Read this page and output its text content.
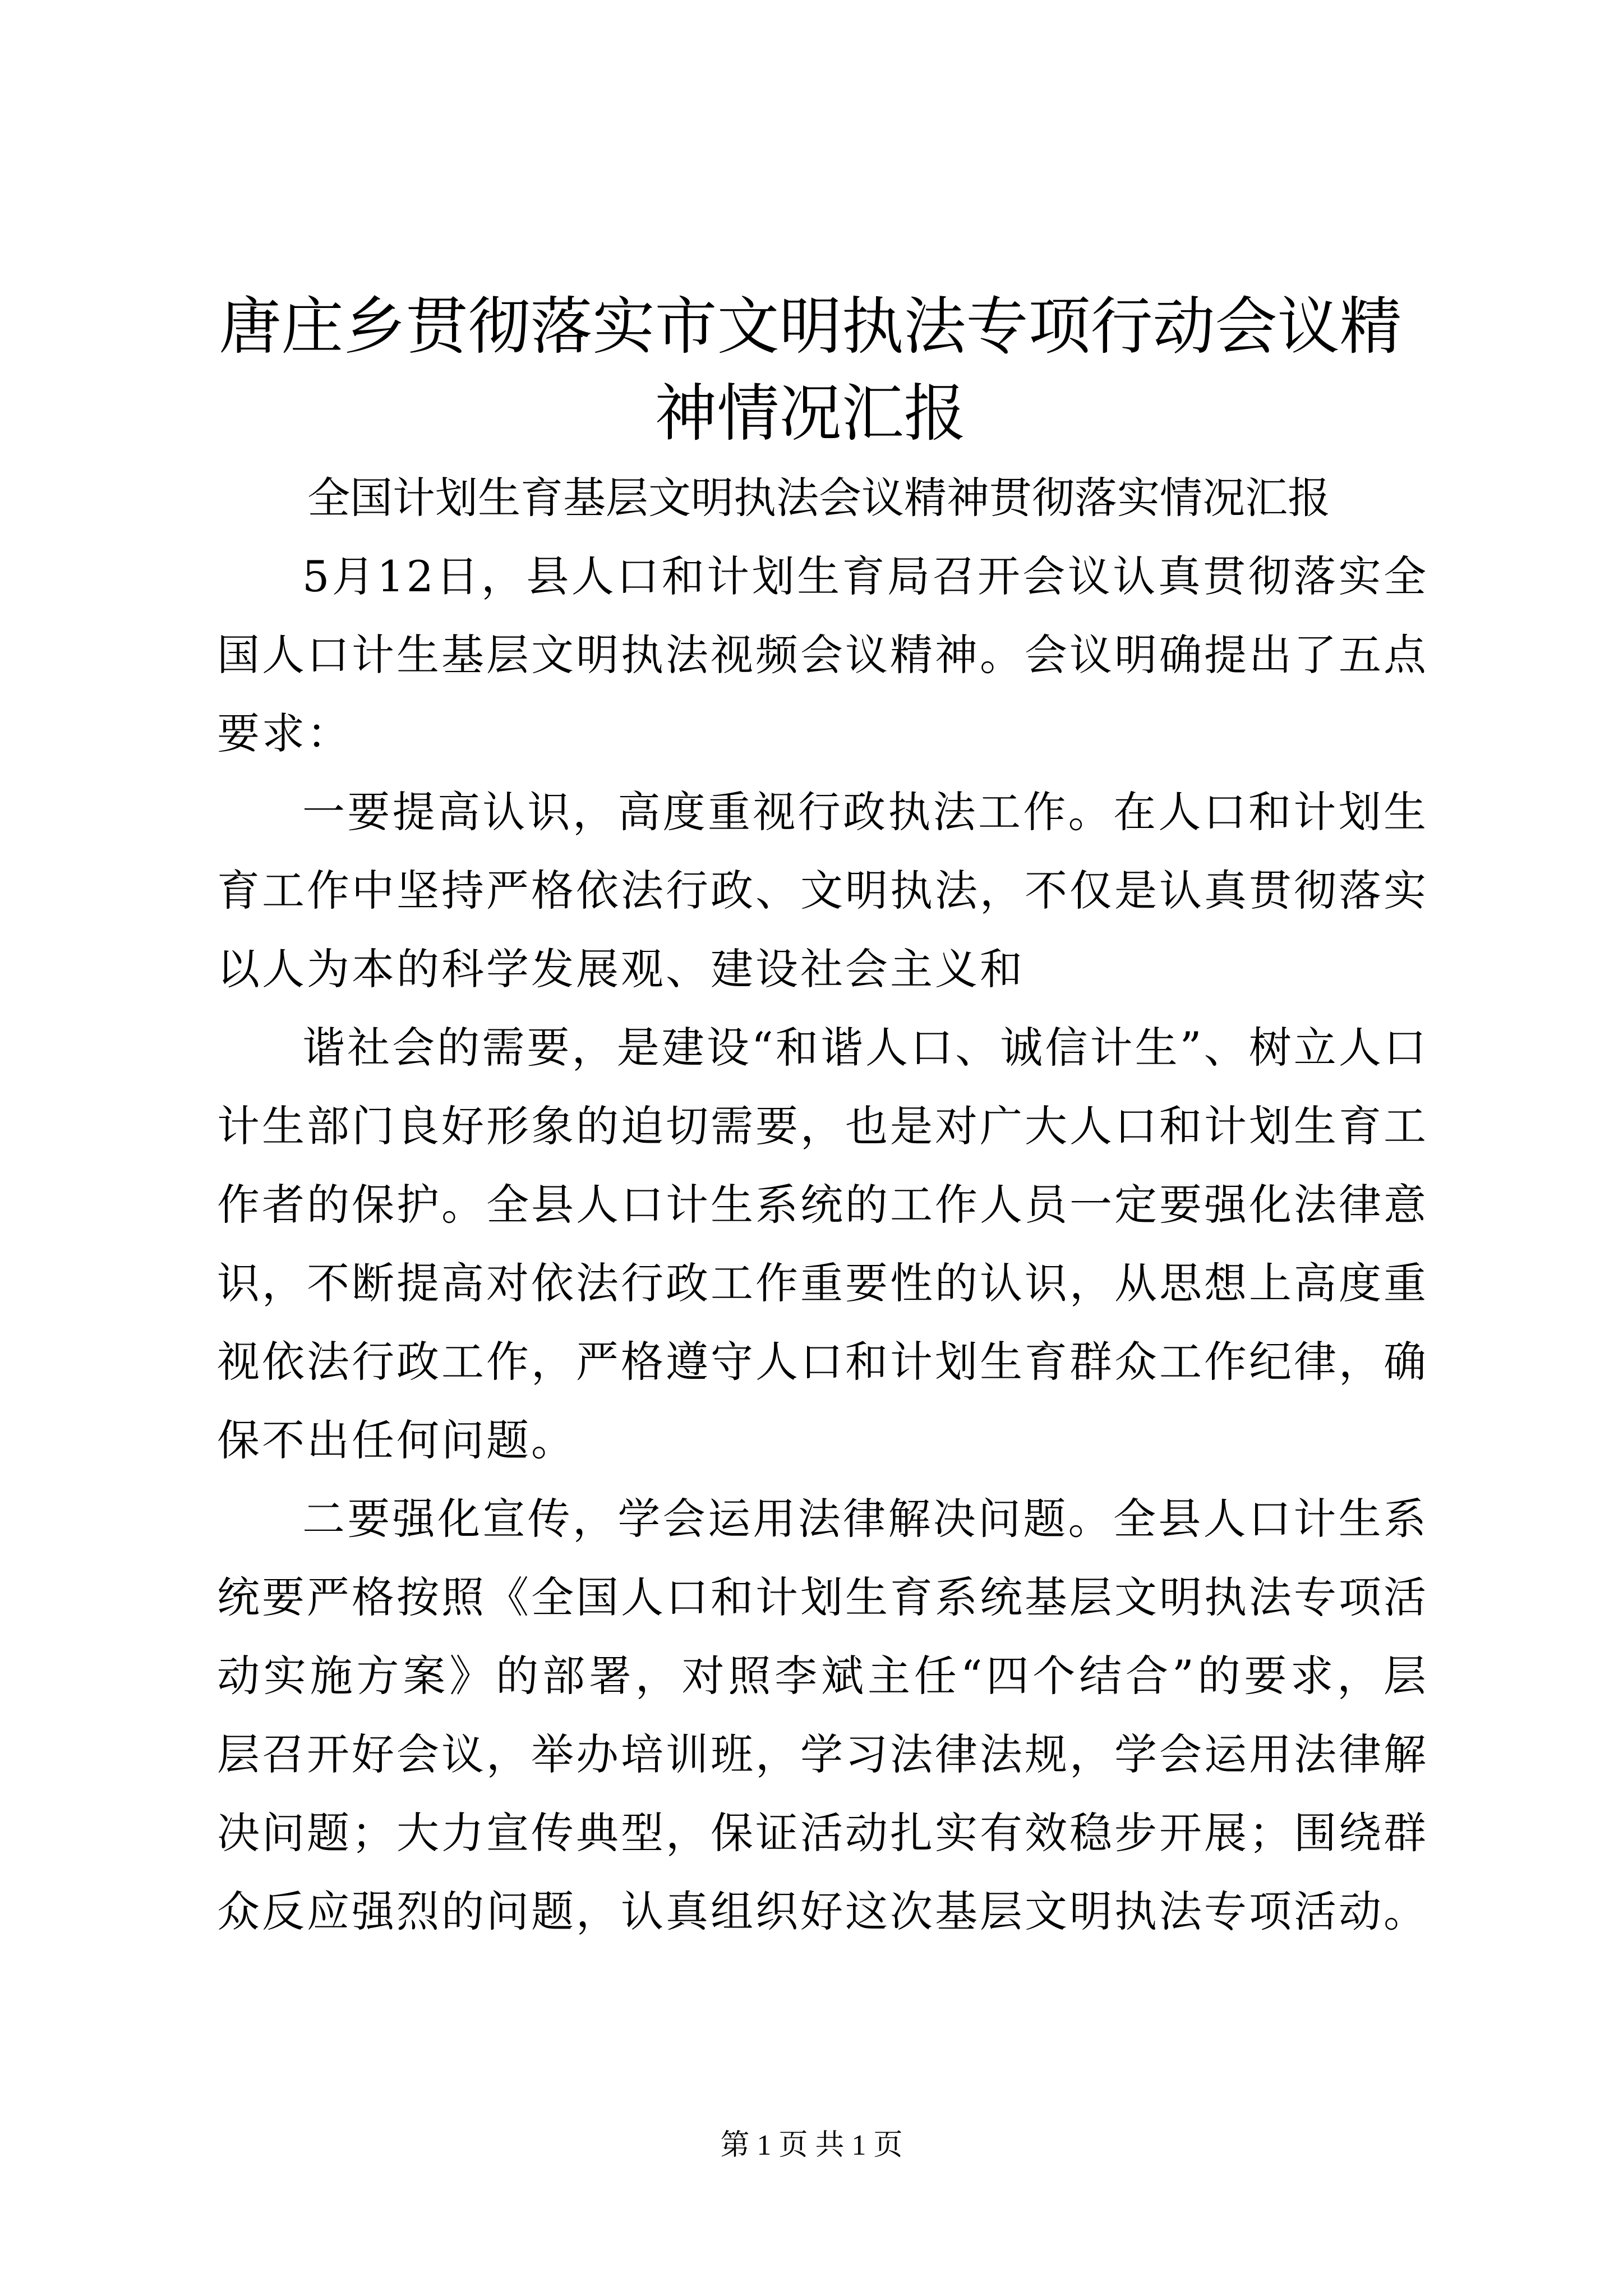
唐庄乡贯彻落实市文明执法专项行动会议精神情况汇报

全国计划生育基层文明执法会议精神贯彻落实情况汇报

5月12日，县人口和计划生育局召开会议认真贯彻落实全国人口计生基层文明执法视频会议精神。会议明确提出了五点要求：

一要提高认识，高度重视行政执法工作。在人口和计划生育工作中坚持严格依法行政、文明执法，不仅是认真贯彻落实以人为本的科学发展观、建设社会主义和

谐社会的需要，是建设“和谐人口、诚信计生”、树立人口计生部门良好形象的迫切需要，也是对广大人口和计划生育工作者的保护。全县人口计生系统的工作人员一定要强化法律意识，不断提高对依法行政工作重要性的认识，从思想上高度重视依法行政工作，严格遵守人口和计划生育群众工作纪律，确保不出任何问题。

二要强化宣传，学会运用法律解决问题。全县人口计生系统要严格按照《全国人口和计划生育系统基层文明执法专项活动实施方案》的部署，对照李斌主任“四个结合”的要求，层层召开好会议，举办培训班，学习法律法规，学会运用法律解决问题；大力宣传典型，保证活动扎实有效稳步开展；围绕群众反应强烈的问题，认真组织好这次基层文明执法专项活动。

第 1 页 共 1 页
